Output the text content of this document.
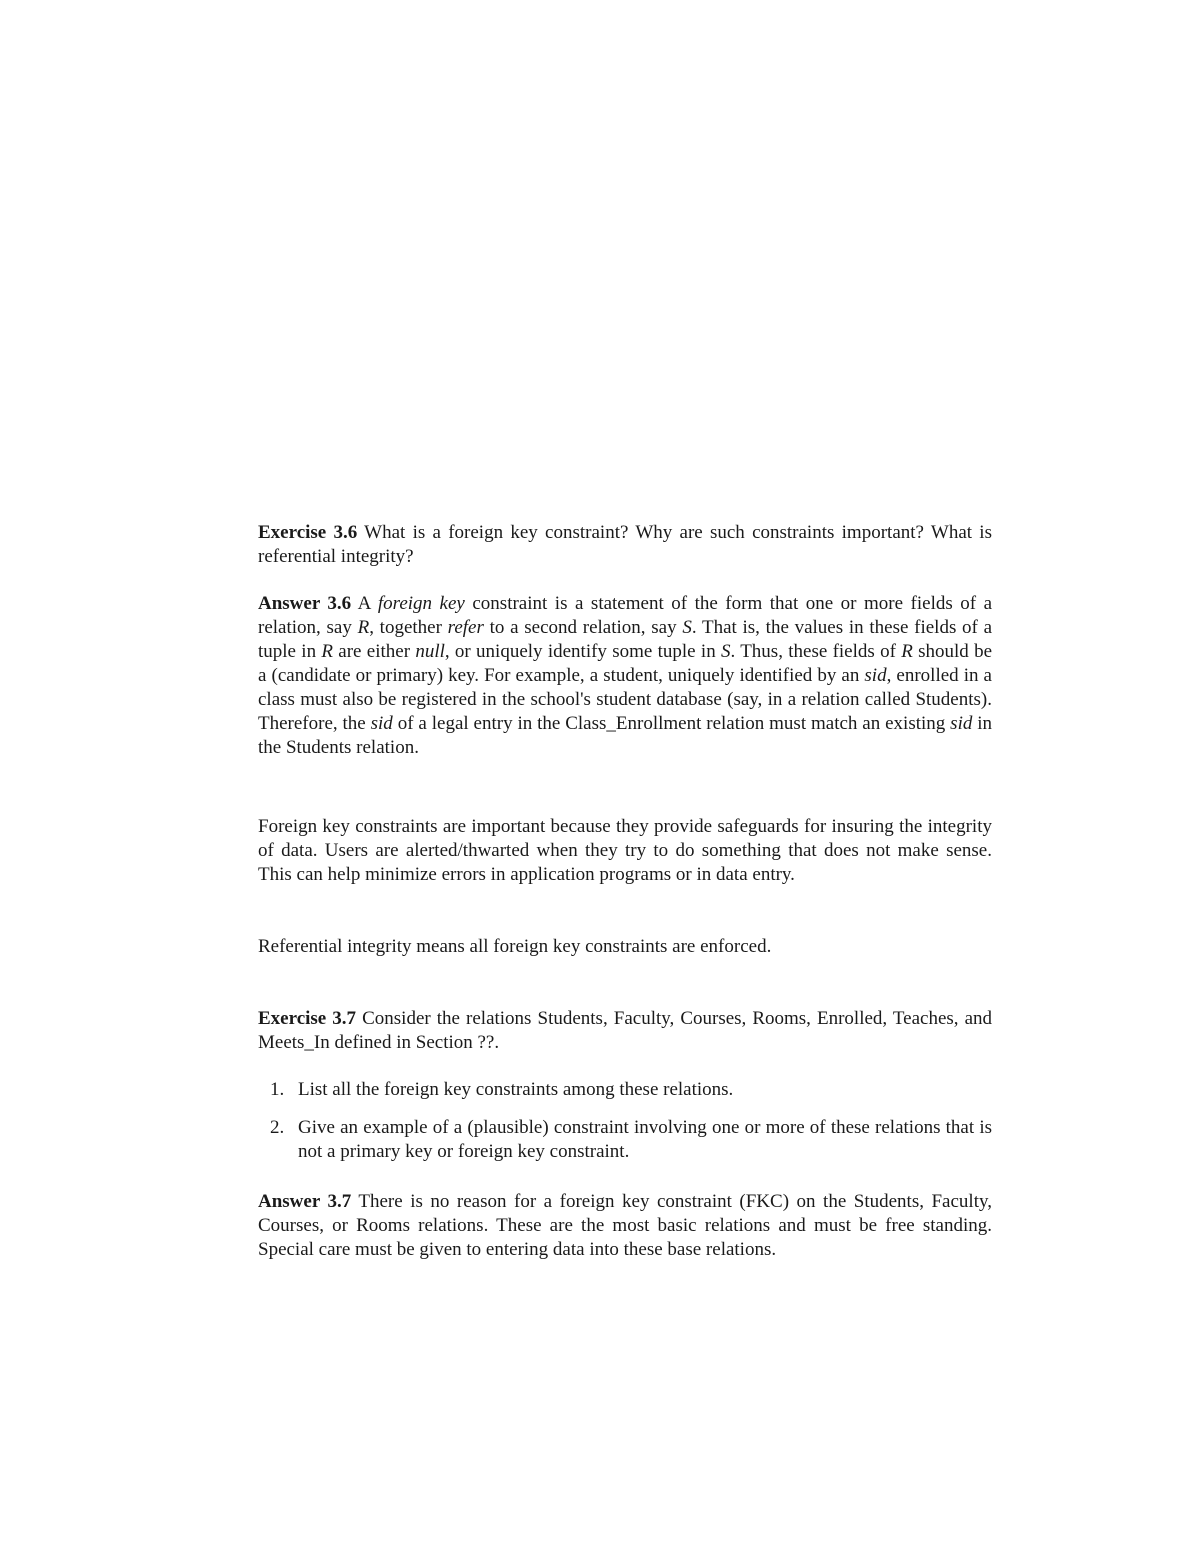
Exercise 3.6 What is a foreign key constraint? Why are such constraints important? What is referential integrity?

Answer 3.6 A foreign key constraint is a statement of the form that one or more fields of a relation, say R, together refer to a second relation, say S. That is, the values in these fields of a tuple in R are either null, or uniquely identify some tuple in S. Thus, these fields of R should be a (candidate or primary) key. For example, a student, uniquely identified by an sid, enrolled in a class must also be registered in the school's student database (say, in a relation called Students). Therefore, the sid of a legal entry in the Class_Enrollment relation must match an existing sid in the Students relation.

Foreign key constraints are important because they provide safeguards for insuring the integrity of data. Users are alerted/thwarted when they try to do something that does not make sense. This can help minimize errors in application programs or in data entry.

Referential integrity means all foreign key constraints are enforced.

Exercise 3.7 Consider the relations Students, Faculty, Courses, Rooms, Enrolled, Teaches, and Meets_In defined in Section ??.

1. List all the foreign key constraints among these relations.
2. Give an example of a (plausible) constraint involving one or more of these relations that is not a primary key or foreign key constraint.

Answer 3.7 There is no reason for a foreign key constraint (FKC) on the Students, Faculty, Courses, or Rooms relations. These are the most basic relations and must be free standing. Special care must be given to entering data into these base relations.
